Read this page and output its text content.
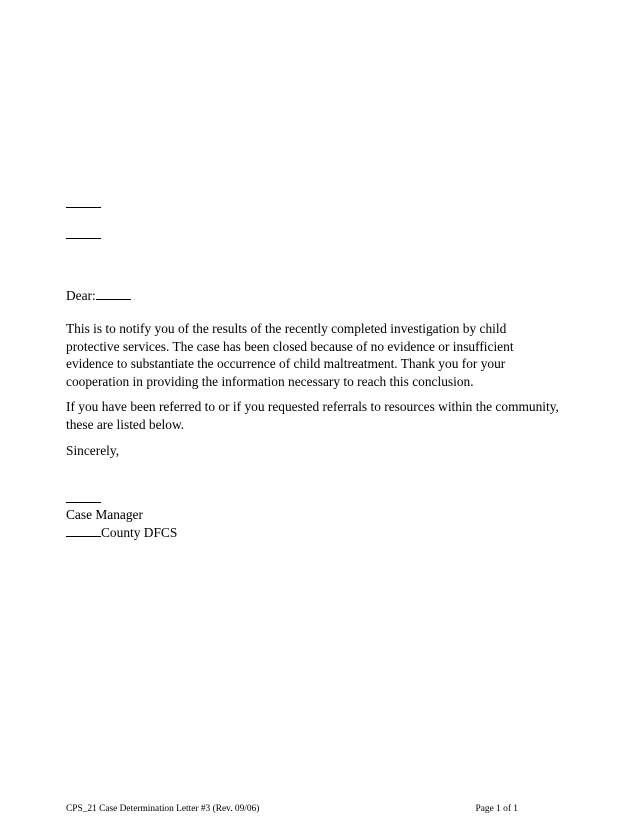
Dear:

This is to notify you of the results of the recently completed investigation by child
protective services. The case has been closed because of no evidence or insufficient
evidence to substantiate the occurrence of child maltreatment. Thank you for your
cooperation in providing the information necessary to reach this conclusion.

If you have been referred to or if you requested referrals to resources within the community,
these are listed below.

Sincerely,
Case Manager
County DFCS
CPS_21 Case Determination Letter #3 (Rev. 09/06)	Page 1 of 1
